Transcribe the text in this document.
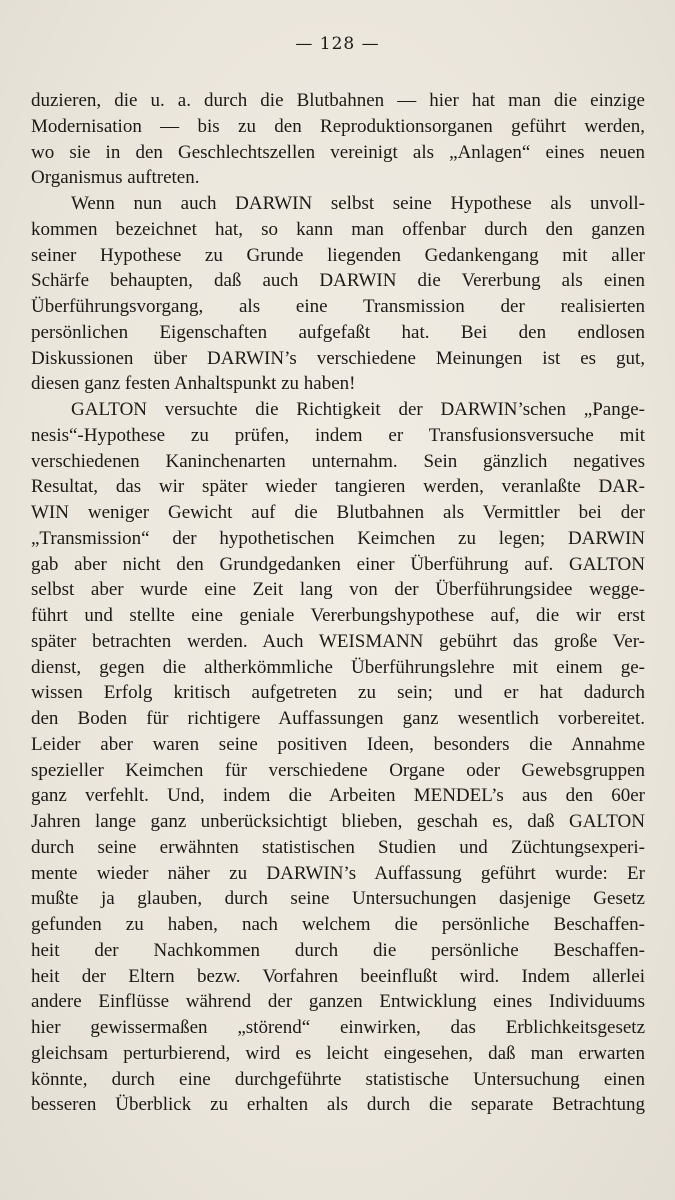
— 128 —
duzieren, die u. a. durch die Blutbahnen — hier hat man die einzige
Modernisation — bis zu den Reproduktionsorganen geführt werden,
wo sie in den Geschlechtszellen vereinigt als „Anlagen“ eines neuen
Organismus auftreten.
Wenn nun auch DARWIN selbst seine Hypothese als unvoll-
kommen bezeichnet hat, so kann man offenbar durch den ganzen
seiner Hypothese zu Grunde liegenden Gedankengang mit aller
Schärfe behaupten, daß auch DARWIN die Vererbung als einen
Überführungsvorgang, als eine Transmission der realisierten
persönlichen Eigenschaften aufgefaßt hat. Bei den endlosen
Diskussionen über DARWIN’s verschiedene Meinungen ist es gut,
diesen ganz festen Anhaltspunkt zu haben!
GALTON versuchte die Richtigkeit der DARWIN’schen „Pange-
nesis“-Hypothese zu prüfen, indem er Transfusionsversuche mit
verschiedenen Kaninchenarten unternahm. Sein gänzlich negatives
Resultat, das wir später wieder tangieren werden, veranlaßte DAR-
WIN weniger Gewicht auf die Blutbahnen als Vermittler bei der
„Transmission“ der hypothetischen Keimchen zu legen; DARWIN
gab aber nicht den Grundgedanken einer Überführung auf. GALTON
selbst aber wurde eine Zeit lang von der Überführungsidee wegge-
führt und stellte eine geniale Vererbungshypothese auf, die wir erst
später betrachten werden. Auch WEISMANN gebührt das große Ver-
dienst, gegen die altherkömmliche Überführungslehre mit einem ge-
wissen Erfolg kritisch aufgetreten zu sein; und er hat dadurch
den Boden für richtigere Auffassungen ganz wesentlich vorbereitet.
Leider aber waren seine positiven Ideen, besonders die Annahme
spezieller Keimchen für verschiedene Organe oder Gewebsgruppen
ganz verfehlt. Und, indem die Arbeiten MENDEL’s aus den 60er
Jahren lange ganz unberücksichtigt blieben, geschah es, daß GALTON
durch seine erwähnten statistischen Studien und Züchtungsexperi-
mente wieder näher zu DARWIN’s Auffassung geführt wurde: Er
mußte ja glauben, durch seine Untersuchungen dasjenige Gesetz
gefunden zu haben, nach welchem die persönliche Beschaffen-
heit der Nachkommen durch die persönliche Beschaffen-
heit der Eltern bezw. Vorfahren beeinflußt wird. Indem allerlei
andere Einflüsse während der ganzen Entwicklung eines Individuums
hier gewissermaßen „störend“ einwirken, das Erblichkeitsgesetz
gleichsam perturbierend, wird es leicht eingesehen, daß man erwarten
könnte, durch eine durchgeführte statistische Untersuchung einen
besseren Überblick zu erhalten als durch die separate Betrachtung
